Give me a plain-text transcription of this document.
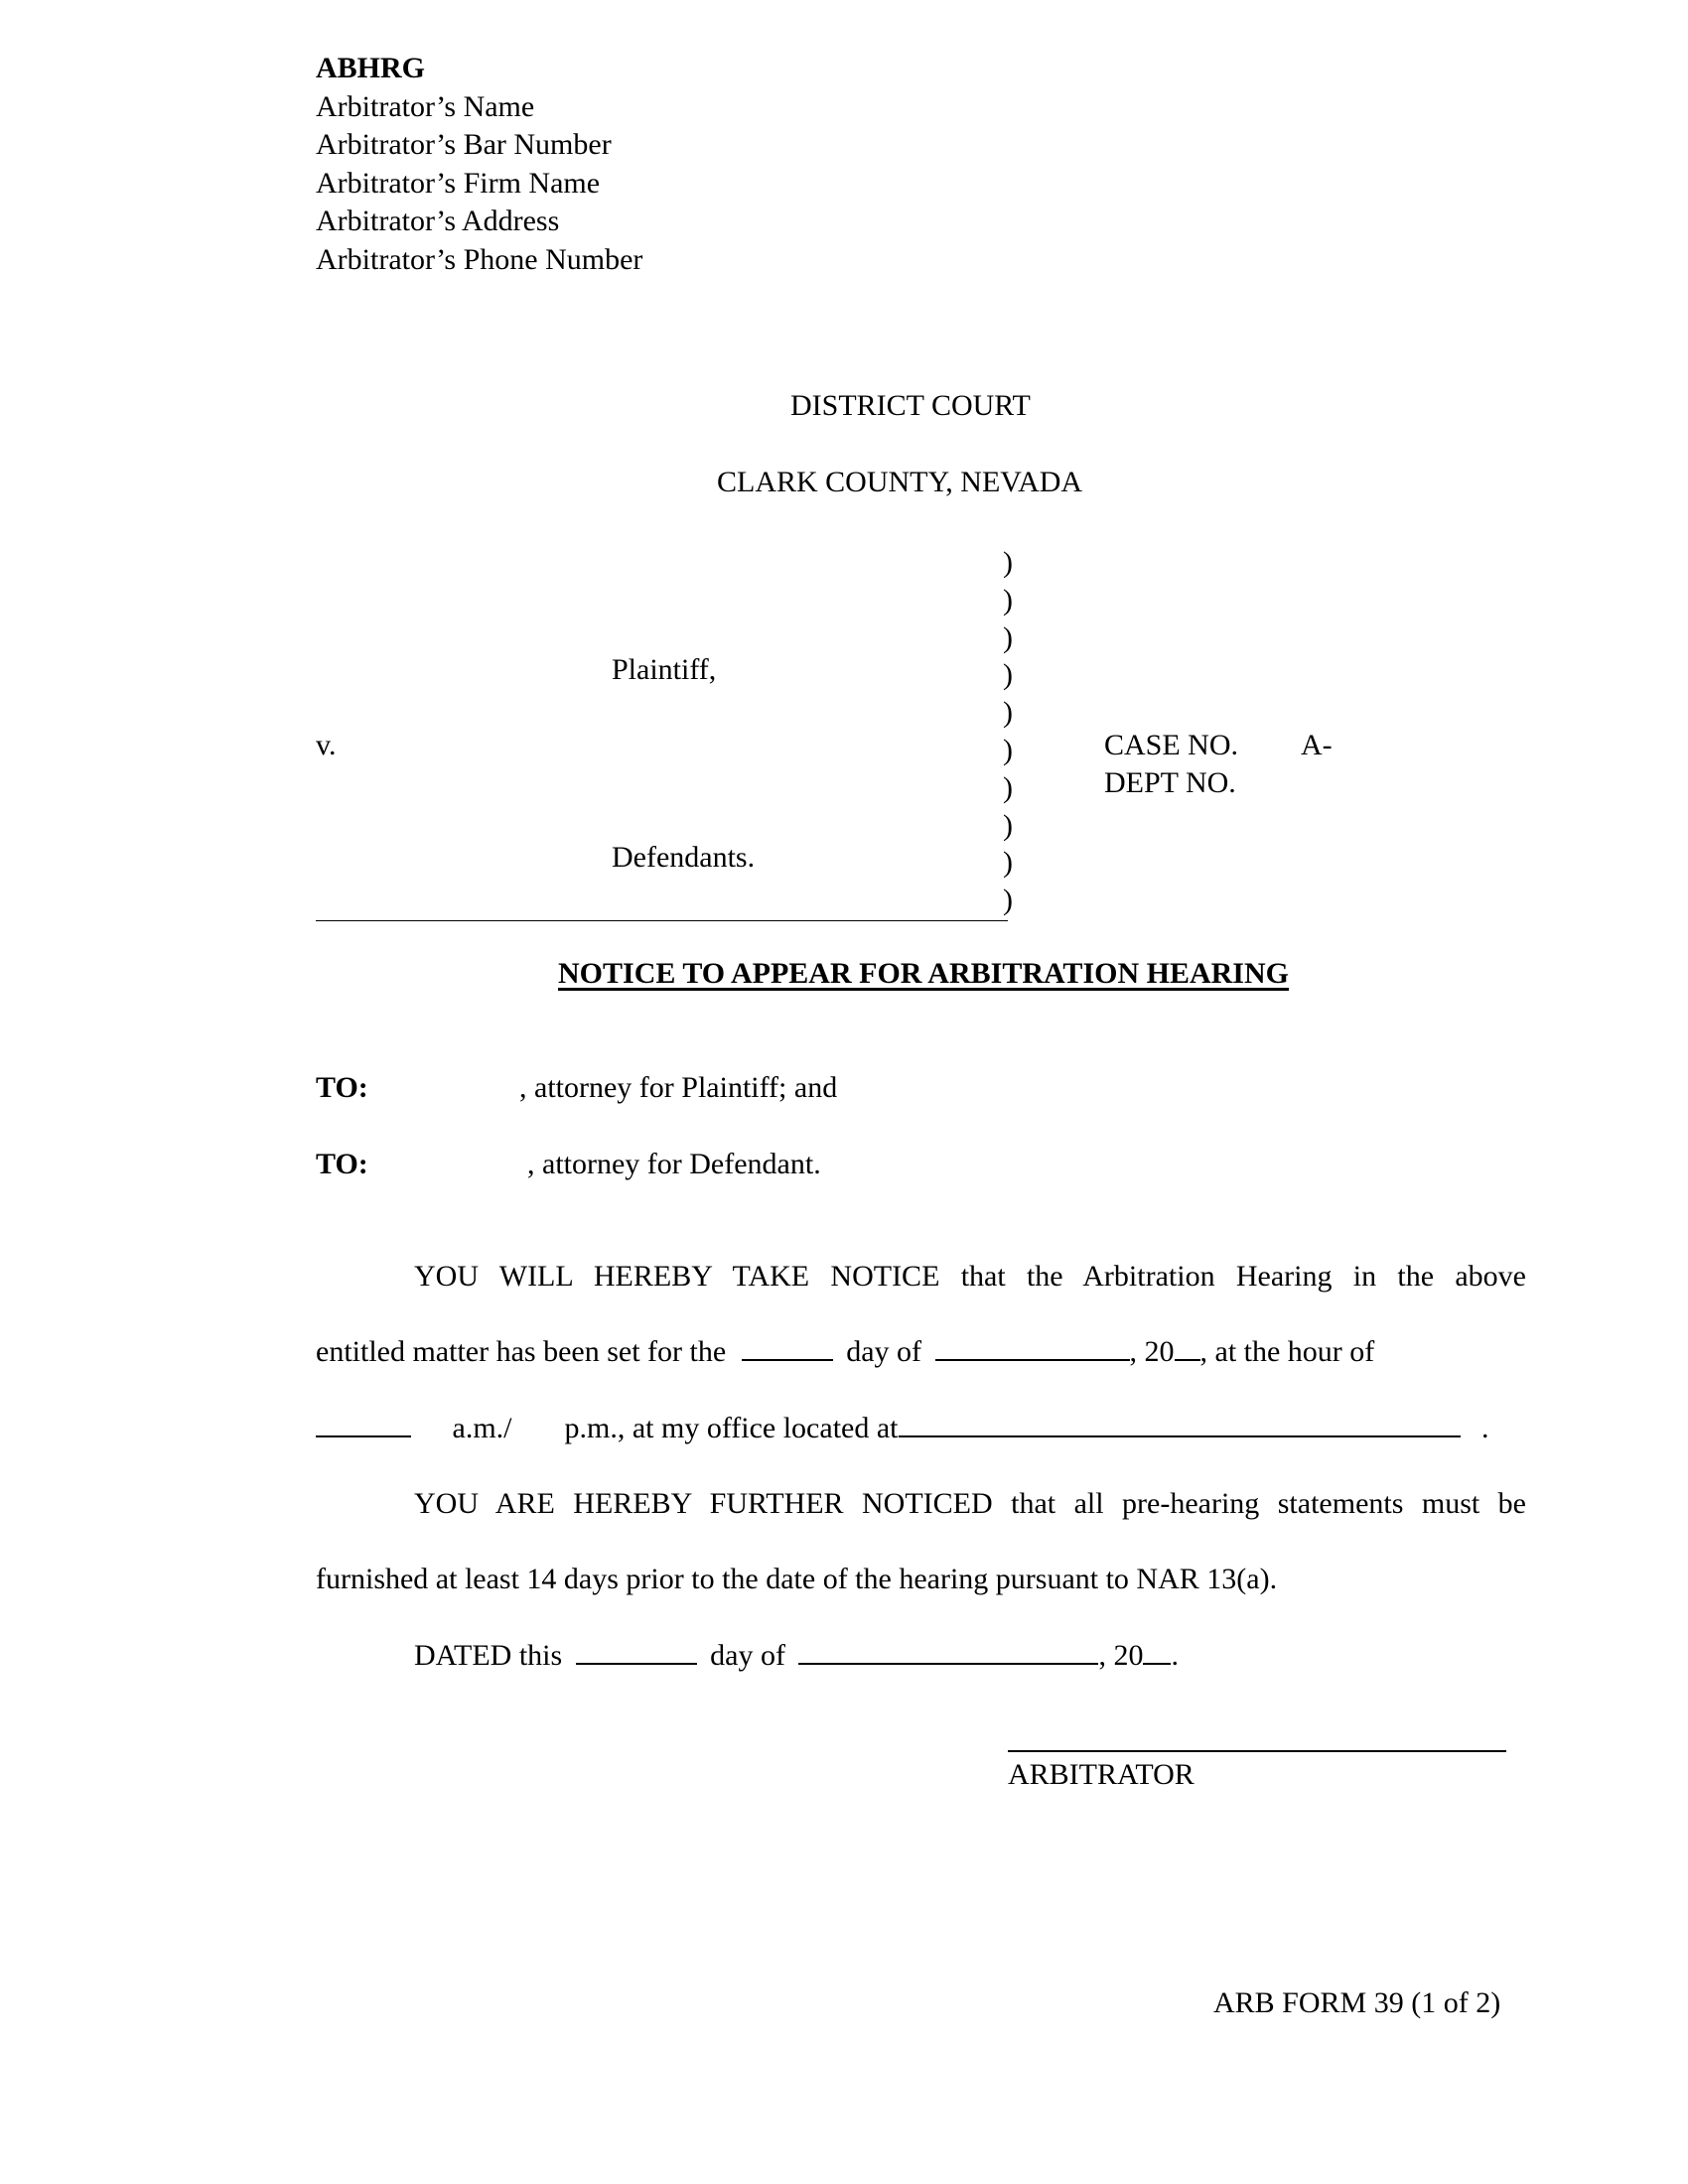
ABHRG
Arbitrator’s Name
Arbitrator’s Bar Number
Arbitrator’s Firm Name
Arbitrator’s Address
Arbitrator’s Phone Number
DISTRICT COURT
CLARK COUNTY, NEVADA
Plaintiff,
v.
Defendants.
)
)
)
)
)
)
)
)
)
)
CASE NO. A-
DEPT NO.
NOTICE TO APPEAR FOR ARBITRATION HEARING
TO:	, attorney for Plaintiff; and
TO:	, attorney for Defendant.
YOU WILL HEREBY TAKE NOTICE that the Arbitration Hearing in the above
entitled matter has been set for the	day of	, 20 , at the hour of
a.m./ p.m., at my office located at	.
YOU ARE HEREBY FURTHER NOTICED that all pre-hearing statements must be
furnished at least 14 days prior to the date of the hearing pursuant to NAR 13(a).
DATED this	day of	, 20 .
ARBITRATOR
ARB FORM 39 (1 of 2)
